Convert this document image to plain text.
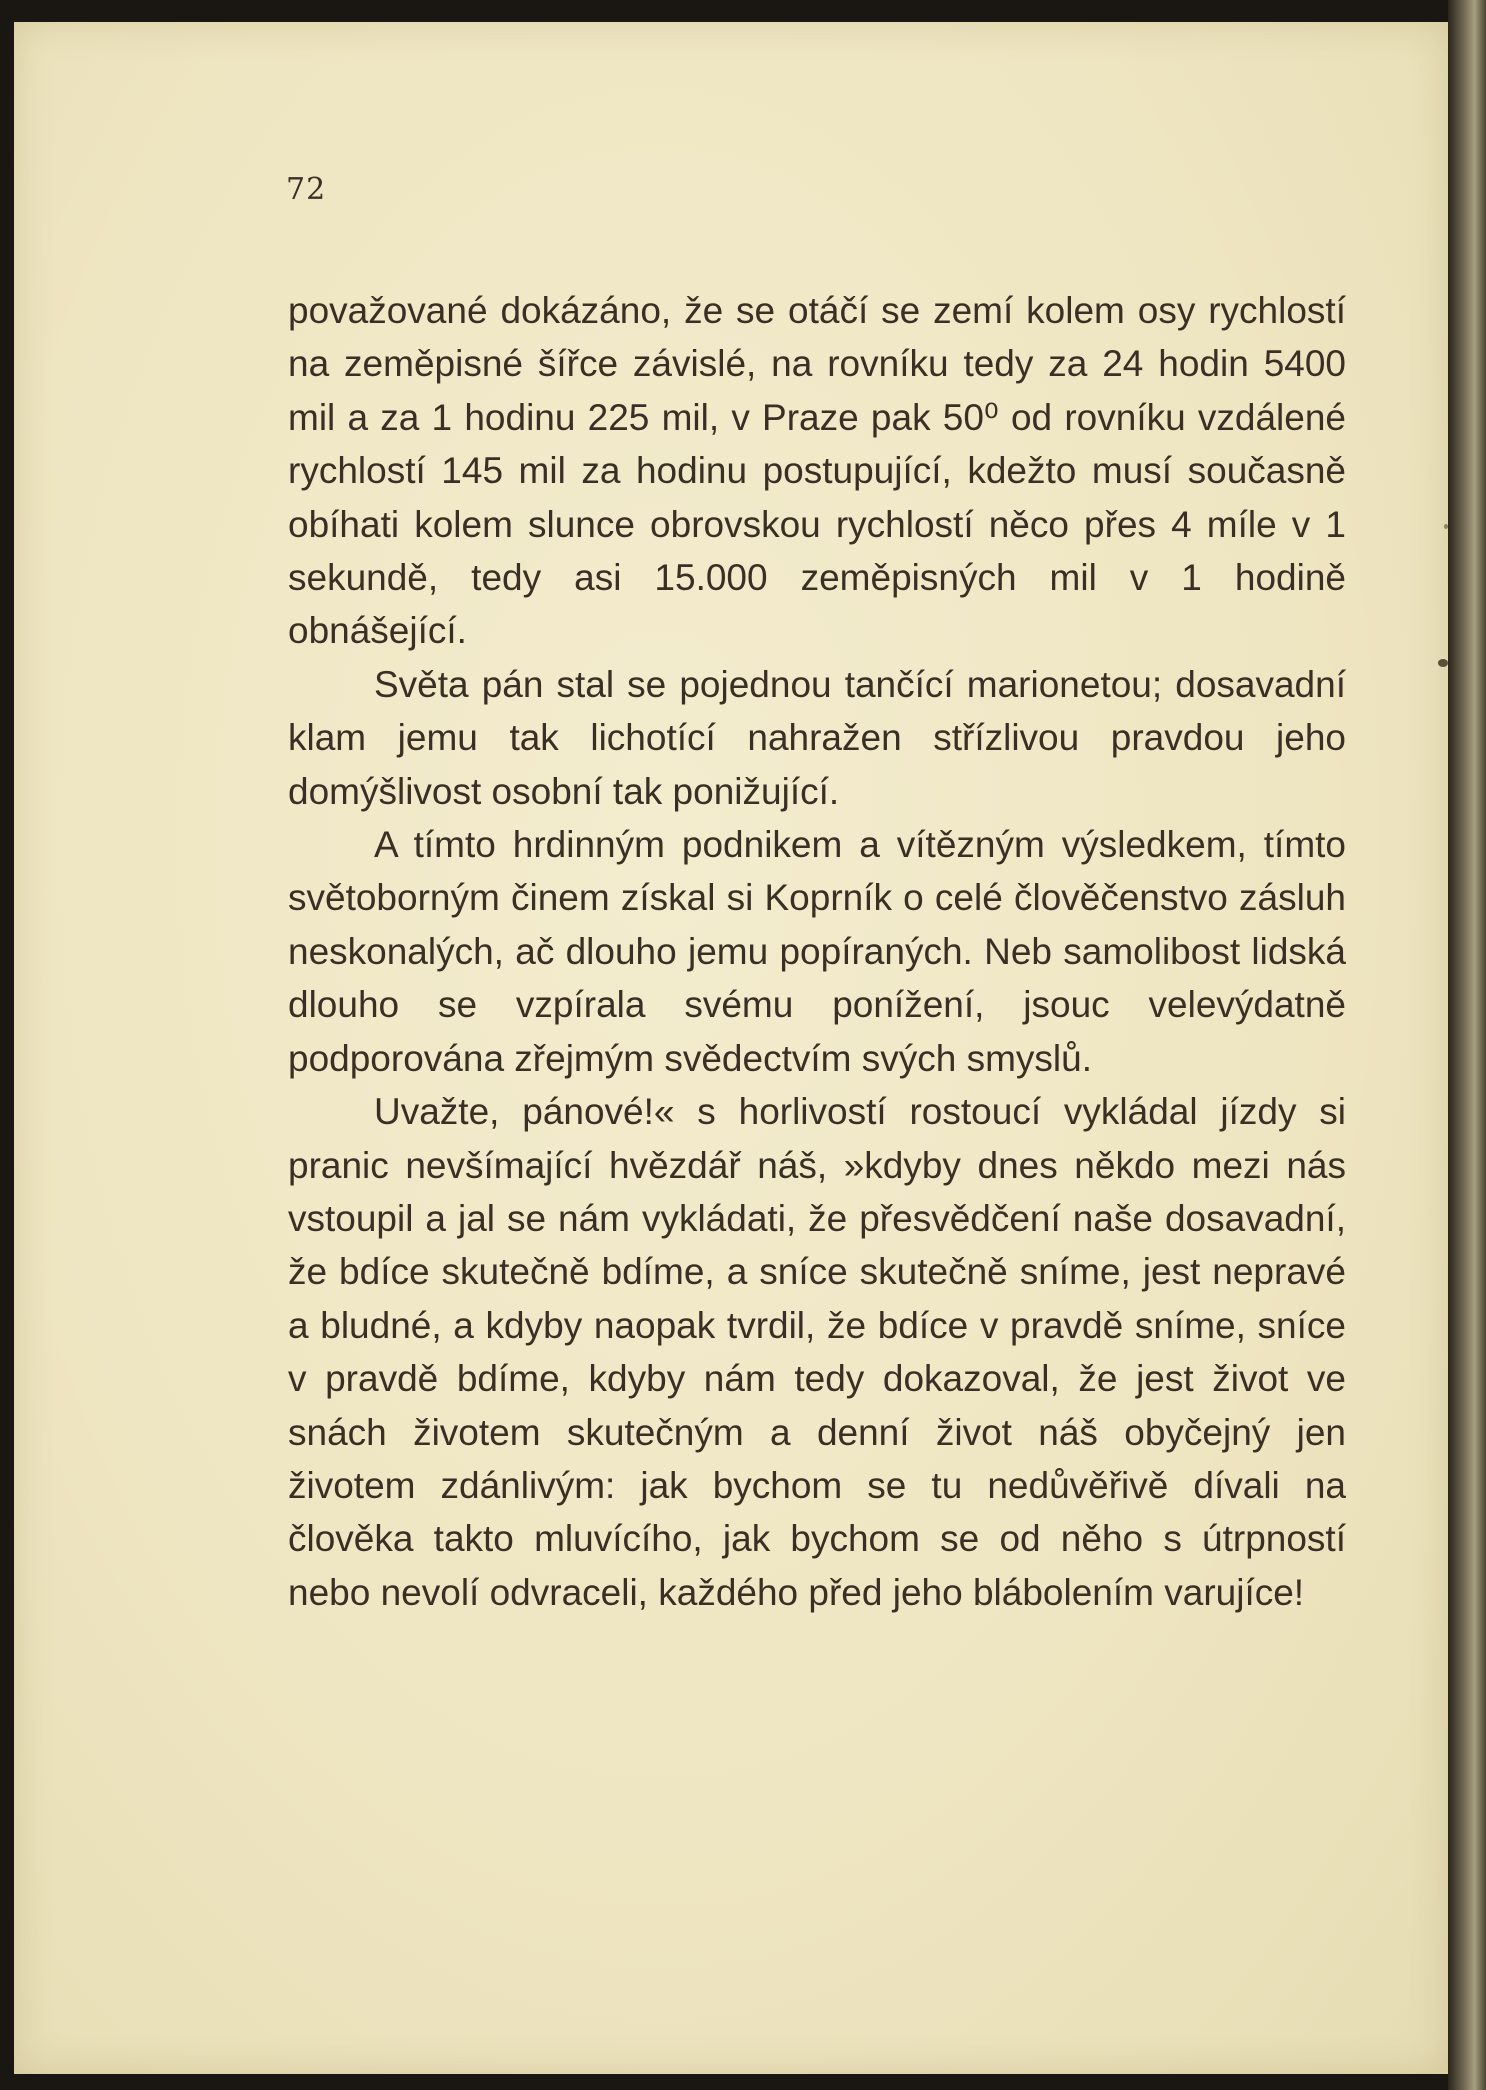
72

považované dokázáno, že se otáčí se zemí kolem osy rychlostí na zeměpisné šířce závislé, na rovníku tedy za 24 hodin 5400 mil a za 1 hodinu 225 mil, v Praze pak 50⁰ od rovníku vzdálené rychlostí 145 mil za hodinu postupující, kdežto musí současně obíhati kolem slunce obrovskou rychlostí něco přes 4 míle v 1 sekundě, tedy asi 15.000 zeměpisných mil v 1 hodině obnášející.

Světa pán stal se pojednou tančící marionetou; dosavadní klam jemu tak lichotící nahražen střízlivou pravdou jeho domýšlivost osobní tak ponižující.

A tímto hrdinným podnikem a vítězným výsledkem, tímto světoborným činem získal si Koprník o celé člověčenstvo zásluh neskonalých, ač dlouho jemu popíraných. Neb samolibost lidská dlouho se vzpírala svému ponížení, jsouc velevýdatně podporována zřejmým svědectvím svých smyslů.

Uvažte, pánové!« s horlivostí rostoucí vykládal jízdy si pranic nevšímající hvězdář náš, »kdyby dnes někdo mezi nás vstoupil a jal se nám vykládati, že přesvědčení naše dosavadní, že bdíce skutečně bdíme, a sníce skutečně sníme, jest nepravé a bludné, a kdyby naopak tvrdil, že bdíce v pravdě sníme, sníce v pravdě bdíme, kdyby nám tedy dokazoval, že jest život ve snách životem skutečným a denní život náš obyčejný jen životem zdánlivým: jak bychom se tu nedůvěřivě dívali na člověka takto mluvícího, jak bychom se od něho s útrpností nebo nevolí odvraceli, každého před jeho blábolením varujíce!
